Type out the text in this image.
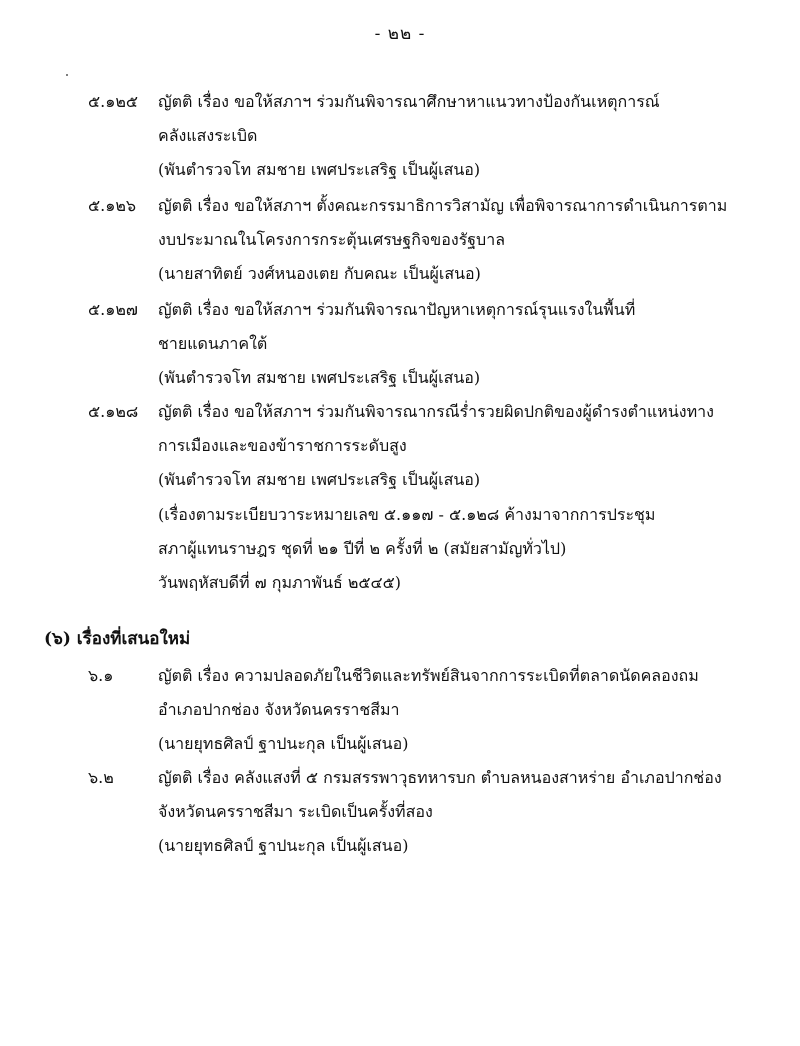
- ๒๒ -
๕.๑๒๕ ญัตติ เรื่อง ขอให้สภาฯ ร่วมกันพิจารณาศึกษาหาแนวทางป้องกันเหตุการณ์
คลังแสงระเบิด
(พันตำรวจโท สมชาย เพศประเสริฐ เป็นผู้เสนอ)
๕.๑๒๖ ญัตติ เรื่อง ขอให้สภาฯ ตั้งคณะกรรมาธิการวิสามัญ เพื่อพิจารณาการดำเนินการตาม
งบประมาณในโครงการกระตุ้นเศรษฐกิจของรัฐบาล
(นายสาทิตย์ วงศ์หนองเตย กับคณะ เป็นผู้เสนอ)
๕.๑๒๗ ญัตติ เรื่อง ขอให้สภาฯ ร่วมกันพิจารณาปัญหาเหตุการณ์รุนแรงในพื้นที่
ชายแดนภาคใต้
(พันตำรวจโท สมชาย เพศประเสริฐ เป็นผู้เสนอ)
๕.๑๒๘ ญัตติ เรื่อง ขอให้สภาฯ ร่วมกันพิจารณากรณีร่ำรวยผิดปกติของผู้ดำรงตำแหน่งทาง
การเมืองและของข้าราชการระดับสูง
(พันตำรวจโท สมชาย เพศประเสริฐ เป็นผู้เสนอ)
(เรื่องตามระเบียบวาระหมายเลข ๕.๑๑๗ - ๕.๑๒๘ ค้างมาจากการประชุม
สภาผู้แทนราษฎร ชุดที่ ๒๑ ปีที่ ๒ ครั้งที่ ๒ (สมัยสามัญทั่วไป)
วันพฤหัสบดีที่ ๗ กุมภาพันธ์ ๒๕๔๕)
(๖) เรื่องที่เสนอใหม่
๖.๑	ญัตติ เรื่อง ความปลอดภัยในชีวิตและทรัพย์สินจากการระเบิดที่ตลาดนัดคลองถม
อำเภอปากช่อง จังหวัดนครราชสีมา
(นายยุทธศิลป์ ฐาปนะกุล เป็นผู้เสนอ)
๖.๒	ญัตติ เรื่อง คลังแสงที่ ๕ กรมสรรพาวุธทหารบก ตำบลหนองสาหร่าย อำเภอปากช่อง
จังหวัดนครราชสีมา ระเบิดเป็นครั้งที่สอง
(นายยุทธศิลป์ ฐาปนะกุล เป็นผู้เสนอ)
